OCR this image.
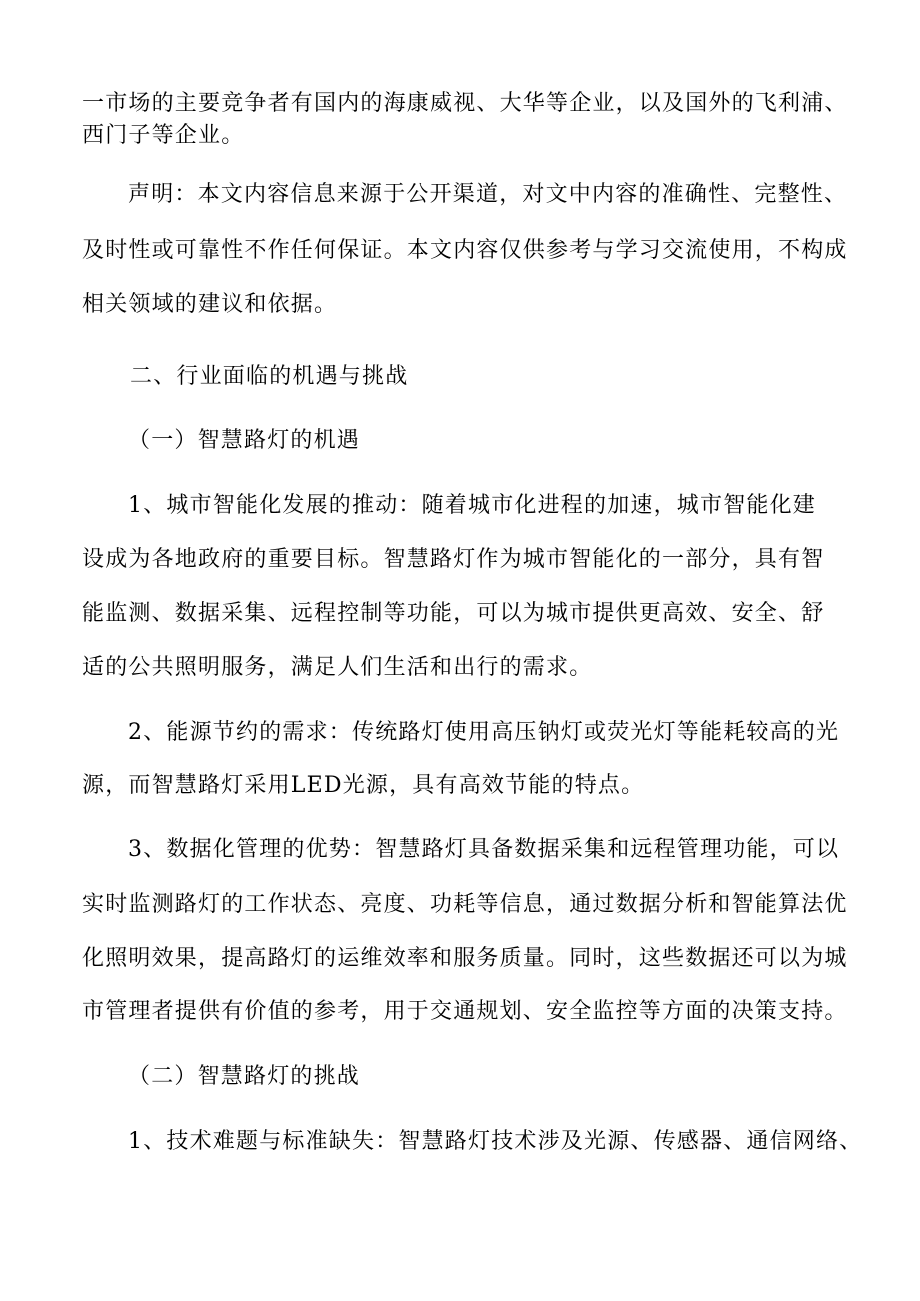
一市场的主要竞争者有国内的海康威视、大华等企业，以及国外的飞利浦、
西门子等企业。
声明：本文内容信息来源于公开渠道，对文中内容的准确性、完整性、
及时性或可靠性不作任何保证。本文内容仅供参考与学习交流使用，不构成
相关领域的建议和依据。
二、行业面临的机遇与挑战
（一）智慧路灯的机遇
1、城市智能化发展的推动：随着城市化进程的加速，城市智能化建
设成为各地政府的重要目标。智慧路灯作为城市智能化的一部分，具有智
能监测、数据采集、远程控制等功能，可以为城市提供更高效、安全、舒
适的公共照明服务，满足人们生活和出行的需求。
2、能源节约的需求：传统路灯使用高压钠灯或荧光灯等能耗较高的光
源，而智慧路灯采用LED光源，具有高效节能的特点。
3、数据化管理的优势：智慧路灯具备数据采集和远程管理功能，可以
实时监测路灯的工作状态、亮度、功耗等信息，通过数据分析和智能算法优
化照明效果，提高路灯的运维效率和服务质量。同时，这些数据还可以为城
市管理者提供有价值的参考，用于交通规划、安全监控等方面的决策支持。
（二）智慧路灯的挑战
1、技术难题与标准缺失：智慧路灯技术涉及光源、传感器、通信网络、
